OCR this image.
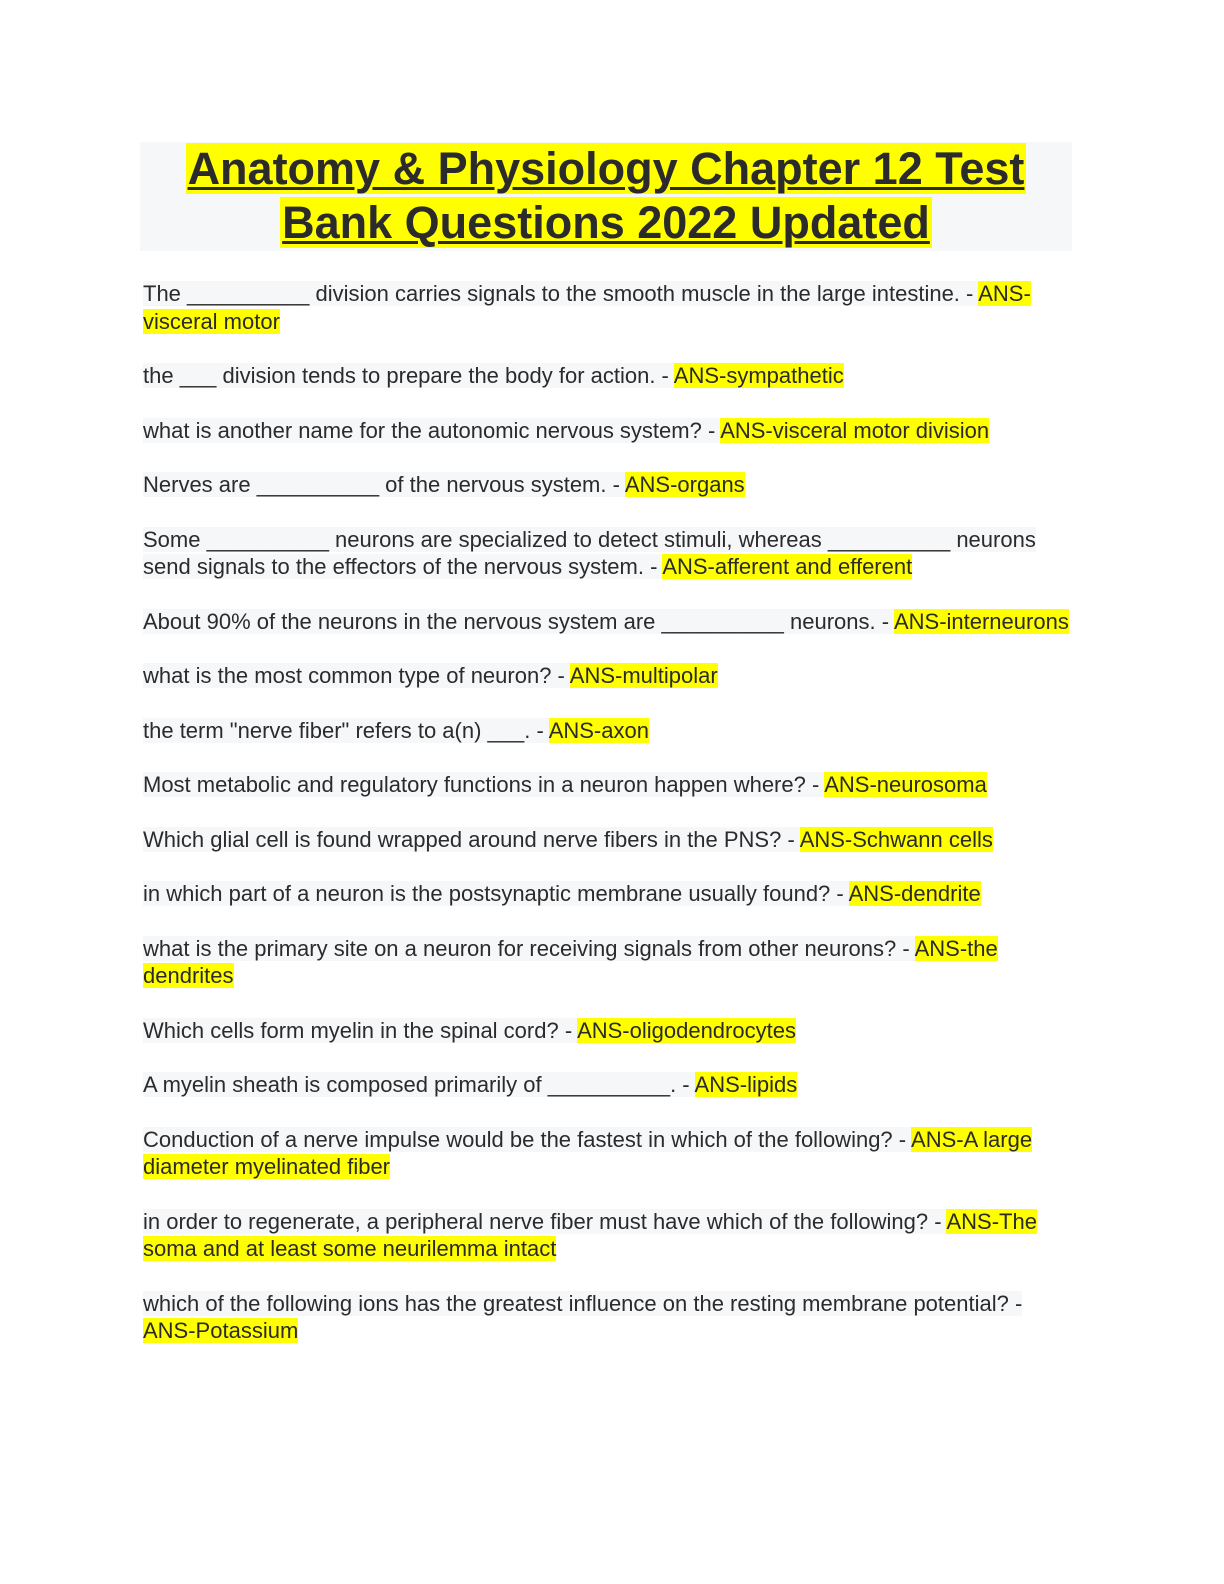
Anatomy & Physiology Chapter 12 Test
Bank Questions 2022 Updated

The __________ division carries signals to the smooth muscle in the large intestine. - ANS-visceral motor

the ___ division tends to prepare the body for action. - ANS-sympathetic

what is another name for the autonomic nervous system? - ANS-visceral motor division

Nerves are __________ of the nervous system. - ANS-organs

Some __________ neurons are specialized to detect stimuli, whereas __________ neurons send signals to the effectors of the nervous system. - ANS-afferent and efferent

About 90% of the neurons in the nervous system are __________ neurons. - ANS-interneurons

what is the most common type of neuron? - ANS-multipolar

the term "nerve fiber" refers to a(n) ___. - ANS-axon

Most metabolic and regulatory functions in a neuron happen where? - ANS-neurosoma

Which glial cell is found wrapped around nerve fibers in the PNS? - ANS-Schwann cells

in which part of a neuron is the postsynaptic membrane usually found? - ANS-dendrite

what is the primary site on a neuron for receiving signals from other neurons? - ANS-the dendrites

Which cells form myelin in the spinal cord? - ANS-oligodendrocytes

A myelin sheath is composed primarily of __________. - ANS-lipids

Conduction of a nerve impulse would be the fastest in which of the following? - ANS-A large diameter myelinated fiber

in order to regenerate, a peripheral nerve fiber must have which of the following? - ANS-The soma and at least some neurilemma intact

which of the following ions has the greatest influence on the resting membrane potential? - ANS-Potassium
